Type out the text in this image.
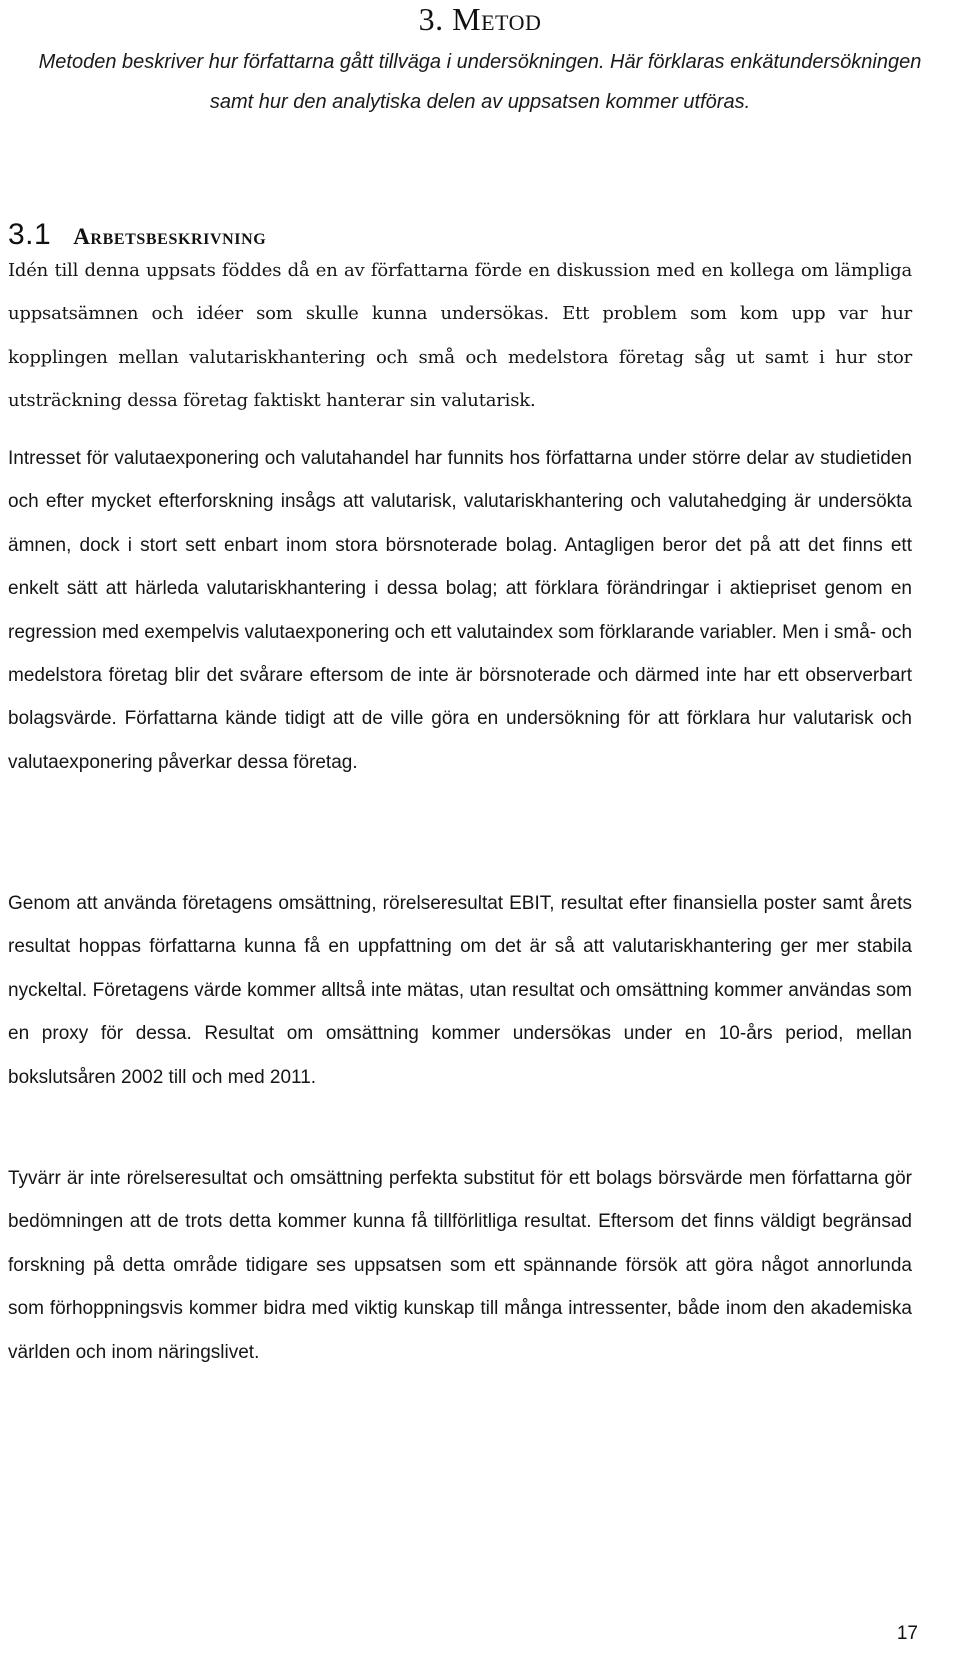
3. Metod
Metoden beskriver hur författarna gått tillväga i undersökningen. Här förklaras enkätundersökningen samt hur den analytiska delen av uppsatsen kommer utföras.
3.1 Arbetsbeskrivning

Idén till denna uppsats föddes då en av författarna förde en diskussion med en kollega om lämpliga uppsatsämnen och idéer som skulle kunna undersökas. Ett problem som kom upp var hur kopplingen mellan valutariskhantering och små och medelstora företag såg ut samt i hur stor utsträckning dessa företag faktiskt hanterar sin valutarisk.

Intresset för valutaexponering och valutahandel har funnits hos författarna under större delar av studietiden och efter mycket efterforskning insågs att valutarisk, valutariskhantering och valutahedging är undersökta ämnen, dock i stort sett enbart inom stora börsnoterade bolag. Antagligen beror det på att det finns ett enkelt sätt att härleda valutariskhantering i dessa bolag; att förklara förändringar i aktiepriset genom en regression med exempelvis valutaexponering och ett valutaindex som förklarande variabler. Men i små- och medelstora företag blir det svårare eftersom de inte är börsnoterade och därmed inte har ett observerbart bolagsvärde. Författarna kände tidigt att de ville göra en undersökning för att förklara hur valutarisk och valutaexponering påverkar dessa företag.

Genom att använda företagens omsättning, rörelseresultat EBIT, resultat efter finansiella poster samt årets resultat hoppas författarna kunna få en uppfattning om det är så att valutariskhantering ger mer stabila nyckeltal. Företagens värde kommer alltså inte mätas, utan resultat och omsättning kommer användas som en proxy för dessa. Resultat om omsättning kommer undersökas under en 10-års period, mellan bokslutsåren 2002 till och med 2011.

Tyvärr är inte rörelseresultat och omsättning perfekta substitut för ett bolags börsvärde men författarna gör bedömningen att de trots detta kommer kunna få tillförlitliga resultat. Eftersom det finns väldigt begränsad forskning på detta område tidigare ses uppsatsen som ett spännande försök att göra något annorlunda som förhoppningsvis kommer bidra med viktig kunskap till många intressenter, både inom den akademiska världen och inom näringslivet.

17
